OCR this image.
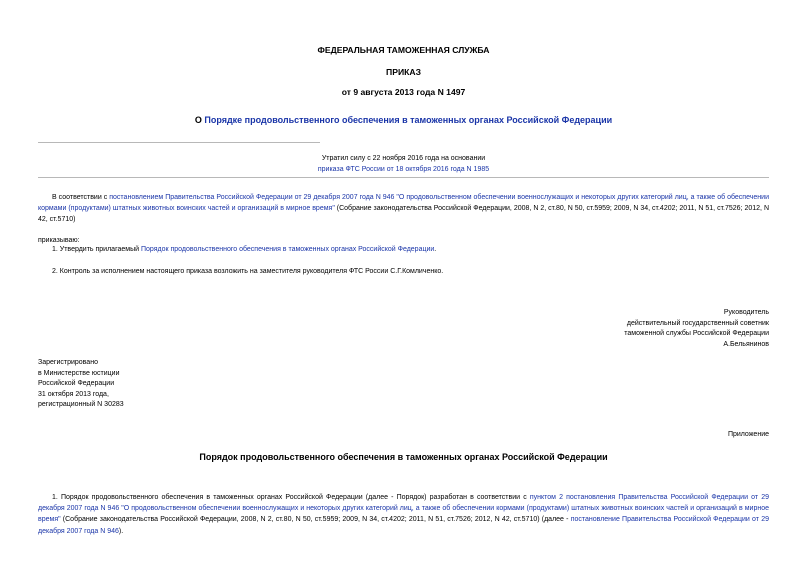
ФЕДЕРАЛЬНАЯ ТАМОЖЕННАЯ СЛУЖБА
ПРИКАЗ
от 9 августа 2013 года N 1497
О Порядке продовольственного обеспечения в таможенных органах Российской Федерации
Утратил силу с 22 ноября 2016 года на основании
приказа ФТС России от 18 октября 2016 года N 1985
В соответствии с постановлением Правительства Российской Федерации от 29 декабря 2007 года N 946 "О продовольственном обеспечении военнослужащих и некоторых других категорий лиц, а также об обеспечении кормами (продуктами) штатных животных воинских частей и организаций в мирное время" (Собрание законодательства Российской Федерации, 2008, N 2, ст.80, N 50, ст.5959; 2009, N 34, ст.4202; 2011, N 51, ст.7526; 2012, N 42, ст.5710)
приказываю:
1. Утвердить прилагаемый Порядок продовольственного обеспечения в таможенных органах Российской Федерации.
2. Контроль за исполнением настоящего приказа возложить на заместителя руководителя ФТС России С.Г.Комличенко.
Руководитель
действительный государственный советник
таможенной службы Российской Федерации
А.Бельянинов
Зарегистрировано
в Министерстве юстиции
Российской Федерации
31 октября 2013 года,
регистрационный N 30283
Приложение
Порядок продовольственного обеспечения в таможенных органах Российской Федерации
1. Порядок продовольственного обеспечения в таможенных органах Российской Федерации (далее - Порядок) разработан в соответствии с пунктом 2 постановления Правительства Российской Федерации от 29 декабря 2007 года N 946 "О продовольственном обеспечении военнослужащих и некоторых других категорий лиц, а также об обеспечении кормами (продуктами) штатных животных воинских частей и организаций в мирное время" (Собрание законодательства Российской Федерации, 2008, N 2, ст.80, N 50, ст.5959; 2009, N 34, ст.4202; 2011, N 51, ст.7526; 2012, N 42, ст.5710) (далее - постановление Правительства Российской Федерации от 29 декабря 2007 года N 946).
